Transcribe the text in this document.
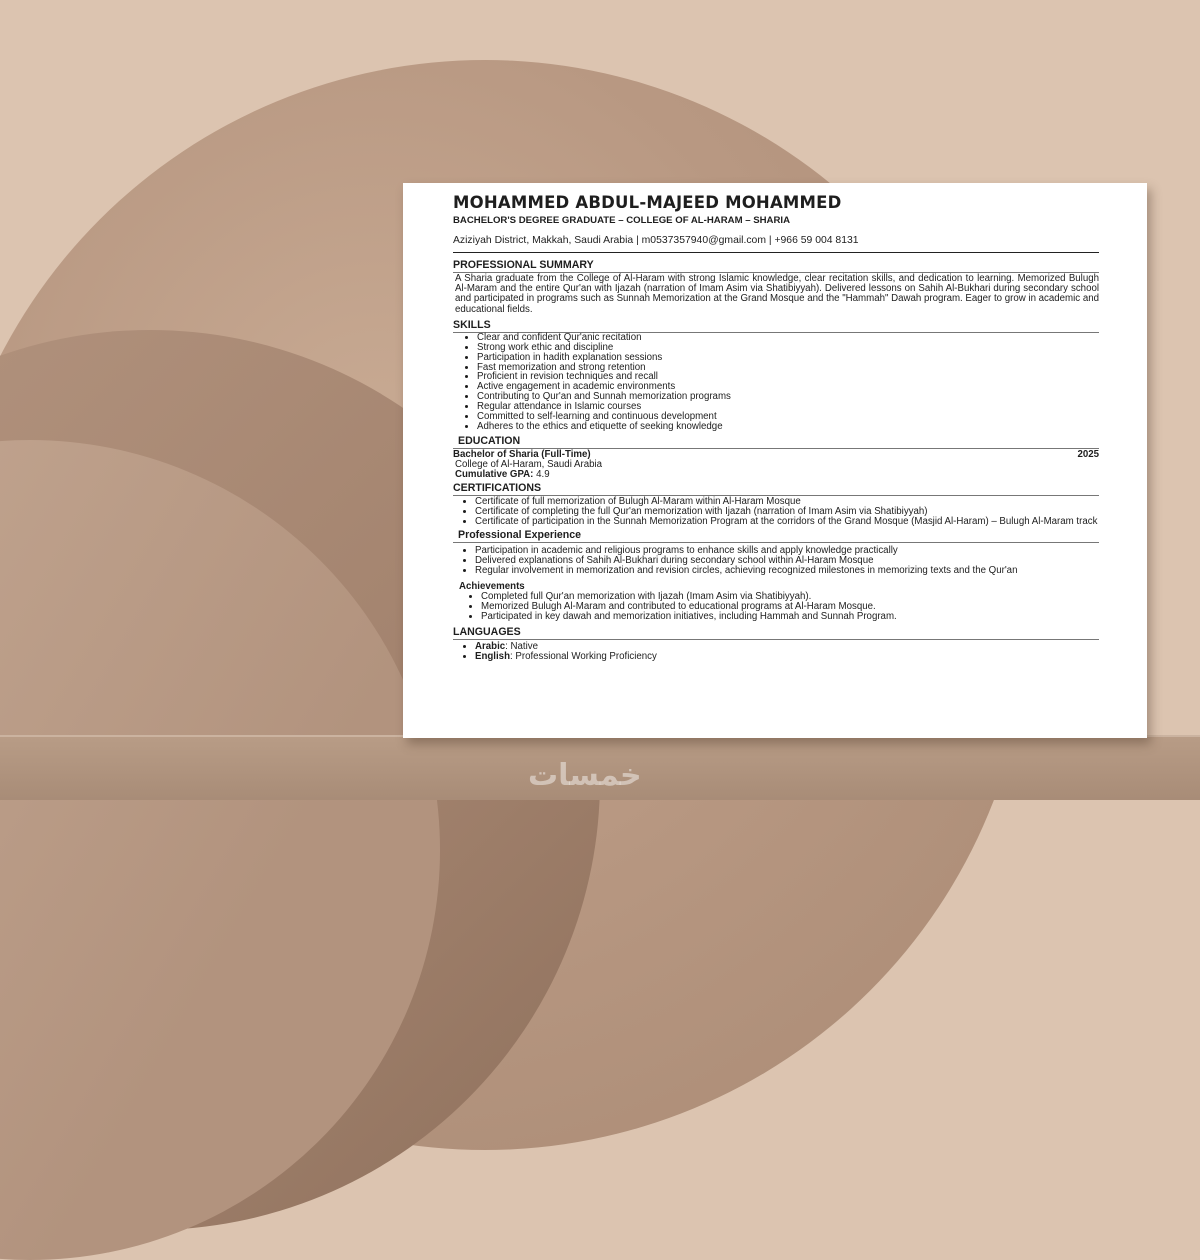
MOHAMMED ABDUL-MAJEED MOHAMMED
BACHELOR'S DEGREE GRADUATE – COLLEGE OF AL-HARAM – SHARIA
Aziziyah District, Makkah, Saudi Arabia | m0537357940@gmail.com | +966 59 004 8131
PROFESSIONAL SUMMARY
A Sharia graduate from the College of Al-Haram with strong Islamic knowledge, clear recitation skills, and dedication to learning. Memorized Bulugh Al-Maram and the entire Qur'an with Ijazah (narration of Imam Asim via Shatibiyyah). Delivered lessons on Sahih Al-Bukhari during secondary school and participated in programs such as Sunnah Memorization at the Grand Mosque and the "Hammah" Dawah program. Eager to grow in academic and educational fields.
SKILLS
• Clear and confident Qur'anic recitation
• Strong work ethic and discipline
• Participation in hadith explanation sessions
• Fast memorization and strong retention
• Proficient in revision techniques and recall
• Active engagement in academic environments
• Contributing to Qur'an and Sunnah memorization programs
• Regular attendance in Islamic courses
• Committed to self-learning and continuous development
• Adheres to the ethics and etiquette of seeking knowledge
EDUCATION
Bachelor of Sharia (Full-Time)	2025
College of Al-Haram, Saudi Arabia
Cumulative GPA: 4.9
CERTIFICATIONS
• Certificate of full memorization of Bulugh Al-Maram within Al-Haram Mosque
• Certificate of completing the full Qur'an memorization with Ijazah (narration of Imam Asim via Shatibiyyah)
• Certificate of participation in the Sunnah Memorization Program at the corridors of the Grand Mosque (Masjid Al-Haram) – Bulugh Al-Maram track
Professional Experience
• Participation in academic and religious programs to enhance skills and apply knowledge practically
• Delivered explanations of Sahih Al-Bukhari during secondary school within Al-Haram Mosque
• Regular involvement in memorization and revision circles, achieving recognized milestones in memorizing texts and the Qur'an
Achievements
• Completed full Qur'an memorization with Ijazah (Imam Asim via Shatibiyyah).
• Memorized Bulugh Al-Maram and contributed to educational programs at Al-Haram Mosque.
• Participated in key dawah and memorization initiatives, including Hammah and Sunnah Program.
LANGUAGES
• Arabic: Native
• English: Professional Working Proficiency
خمسات
